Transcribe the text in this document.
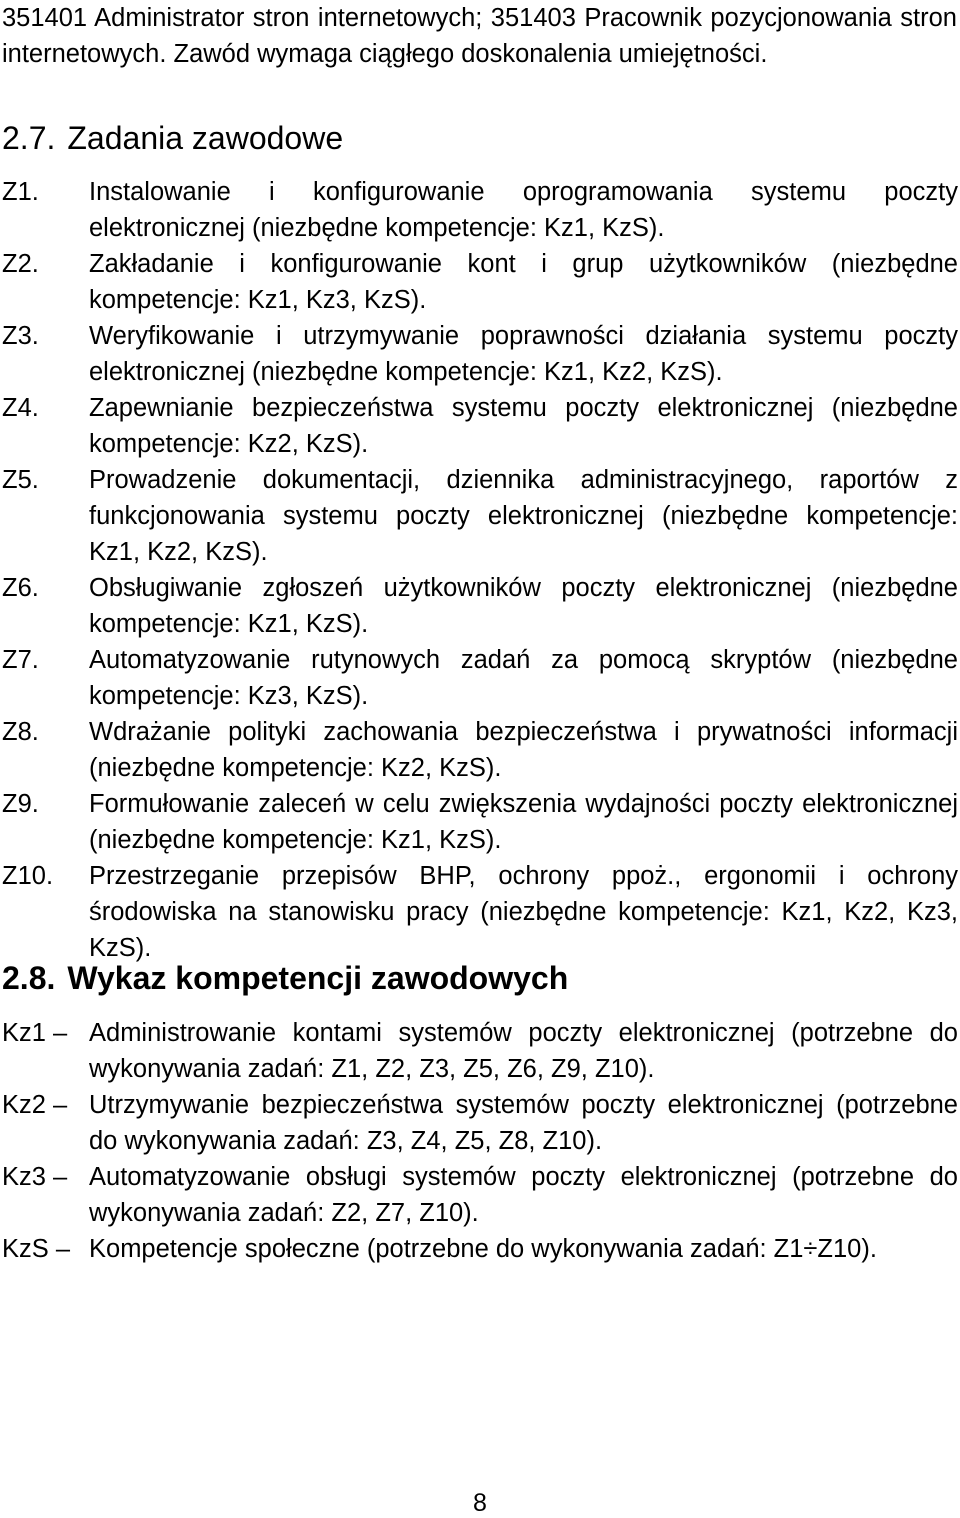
351401 Administrator stron internetowych; 351403 Pracownik pozycjonowania stron internetowych. Zawód wymaga ciągłego doskonalenia umiejętności.
2.7. Zadania zawodowe
Z1.	Instalowanie i konfigurowanie oprogramowania systemu poczty elektronicznej (niezbędne kompetencje: Kz1, KzS).
Z2.	Zakładanie i konfigurowanie kont i grup użytkowników (niezbędne kompetencje: Kz1, Kz3, KzS).
Z3.	Weryfikowanie i utrzymywanie poprawności działania systemu poczty elektronicznej (niezbędne kompetencje: Kz1, Kz2, KzS).
Z4.	Zapewnianie bezpieczeństwa systemu poczty elektronicznej (niezbędne kompetencje: Kz2, KzS).
Z5.	Prowadzenie dokumentacji, dziennika administracyjnego, raportów z funkcjonowania systemu poczty elektronicznej (niezbędne kompetencje: Kz1, Kz2, KzS).
Z6.	Obsługiwanie zgłoszeń użytkowników poczty elektronicznej (niezbędne kompetencje: Kz1, KzS).
Z7.	Automatyzowanie rutynowych zadań za pomocą skryptów (niezbędne kompetencje: Kz3, KzS).
Z8.	Wdrażanie polityki zachowania bezpieczeństwa i prywatności informacji (niezbędne kompetencje: Kz2, KzS).
Z9.	Formułowanie zaleceń w celu zwiększenia wydajności poczty elektronicznej (niezbędne kompetencje: Kz1, KzS).
Z10.	Przestrzeganie przepisów BHP, ochrony ppoż., ergonomii i ochrony środowiska na stanowisku pracy (niezbędne kompetencje: Kz1, Kz2, Kz3, KzS).
2.8. Wykaz kompetencji zawodowych
Kz1 – Administrowanie kontami systemów poczty elektronicznej (potrzebne do wykonywania zadań: Z1, Z2, Z3, Z5, Z6, Z9, Z10).
Kz2 – Utrzymywanie bezpieczeństwa systemów poczty elektronicznej (potrzebne do wykonywania zadań: Z3, Z4, Z5, Z8, Z10).
Kz3 – Automatyzowanie obsługi systemów poczty elektronicznej (potrzebne do wykonywania zadań: Z2, Z7, Z10).
KzS – Kompetencje społeczne (potrzebne do wykonywania zadań: Z1÷Z10).
8
